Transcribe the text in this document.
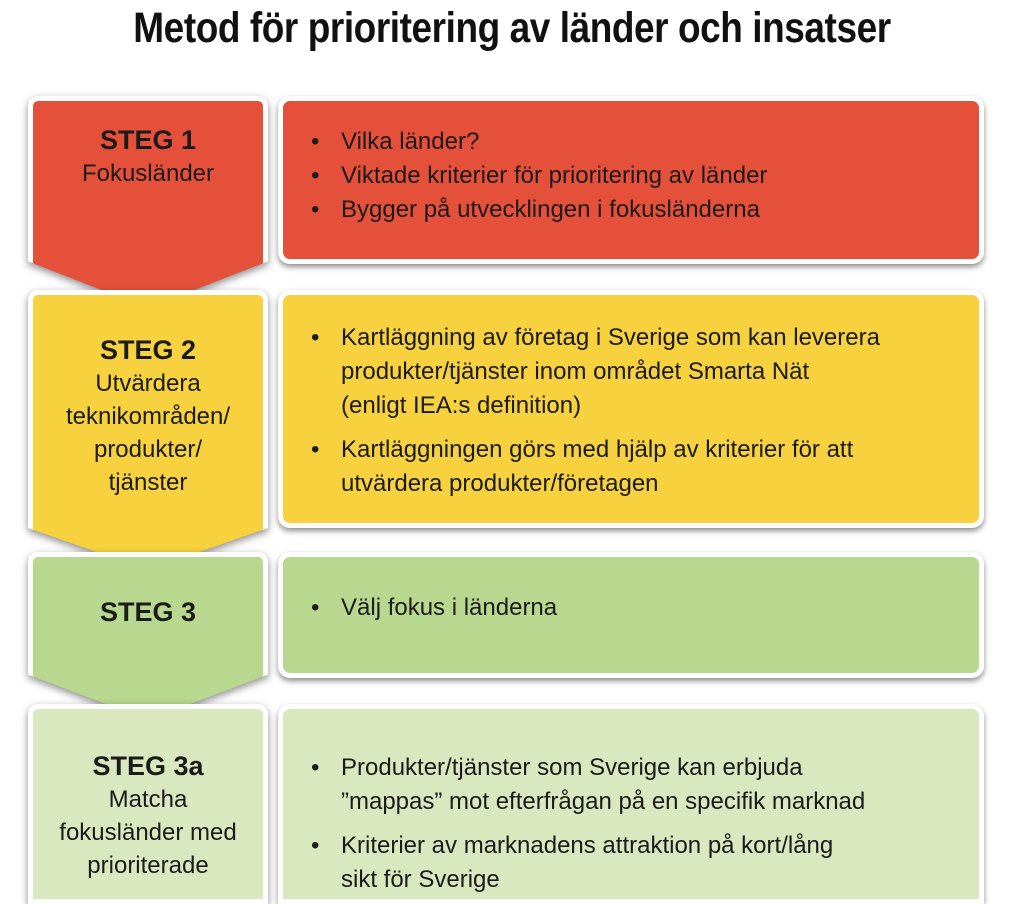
Metod för prioritering av länder och insatser
STEG 1
Fokusländer
• Vilka länder?
• Viktade kriterier för prioritering av länder
• Bygger på utvecklingen i fokusländerna
STEG 2
Utvärdera
teknikområden/
produkter/
tjänster
• Kartläggning av företag i Sverige som kan leverera
produkter/tjänster inom området Smarta Nät
(enligt IEA:s definition)
• Kartläggningen görs med hjälp av kriterier för att
utvärdera produkter/företagen
STEG 3	• Välj fokus i länderna
STEG 3a
Matcha
fokusländer med
prioriterade
• Produkter/tjänster som Sverige kan erbjuda
”mappas” mot efterfrågan på en specifik marknad
• Kriterier av marknadens attraktion på kort/lång
sikt för Sverige
